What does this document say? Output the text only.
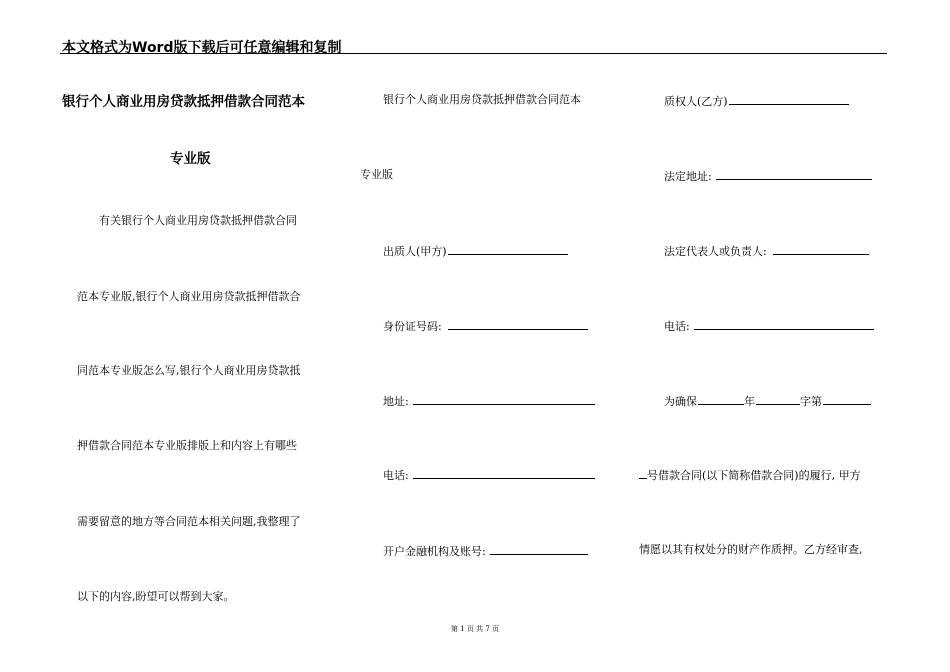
本文格式为Word版下载后可任意编辑和复制
银行个人商业用房贷款抵押借款合同范本
专业版
有关银行个人商业用房贷款抵押借款合同
范本专业版,银行个人商业用房贷款抵押借款合
同范本专业版怎么写,银行个人商业用房贷款抵
押借款合同范本专业版排版上和内容上有哪些
需要留意的地方等合同范本相关问题,我整理了
以下的内容,盼望可以帮到大家。
银行个人商业用房贷款抵押借款合同范本
专业版
出质人(甲方)
身份证号码:
地址:
电话:
开户金融机构及账号:
质权人(乙方)
法定地址:
法定代表人或负责人:
电话:
为确保	年	字第
号借款合同(以下简称借款合同)的履行, 甲方
情愿以其有权处分的财产作质押。乙方经审查,
第 1 页 共 7 页
